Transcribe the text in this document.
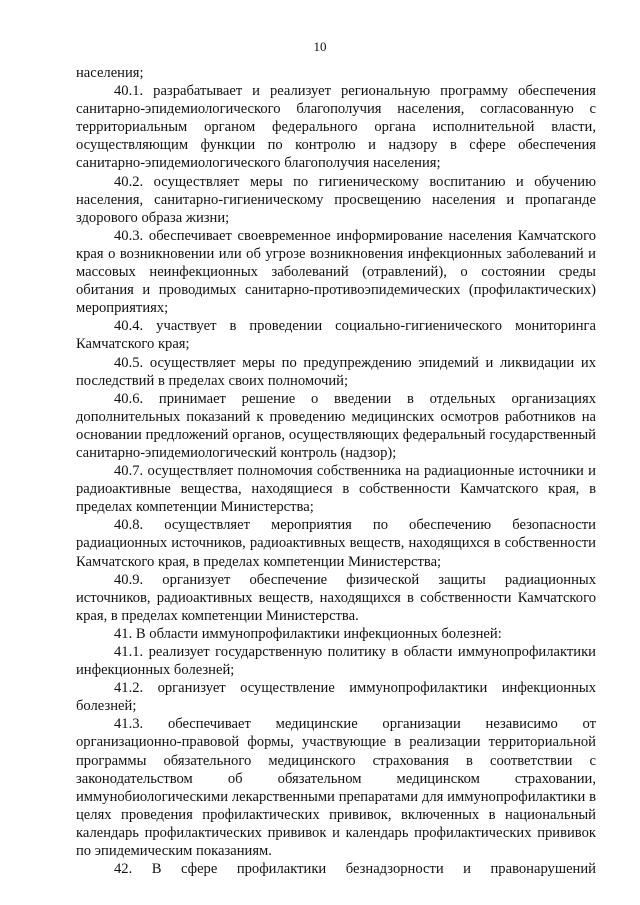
10

населения;

40.1. разрабатывает и реализует региональную программу обеспечения санитарно-эпидемиологического благополучия населения, согласованную с территориальным органом федерального органа исполнительной власти, осуществляющим функции по контролю и надзору в сфере обеспечения санитарно-эпидемиологического благополучия населения;

40.2. осуществляет меры по гигиеническому воспитанию и обучению населения, санитарно-гигиеническому просвещению населения и пропаганде здорового образа жизни;

40.3. обеспечивает своевременное информирование населения Камчатского края о возникновении или об угрозе возникновения инфекционных заболеваний и массовых неинфекционных заболеваний (отравлений), о состоянии среды обитания и проводимых санитарно-противоэпидемических (профилактических) мероприятиях;

40.4. участвует в проведении социально-гигиенического мониторинга Камчатского края;

40.5. осуществляет меры по предупреждению эпидемий и ликвидации их последствий в пределах своих полномочий;

40.6. принимает решение о введении в отдельных организациях дополнительных показаний к проведению медицинских осмотров работников на основании предложений органов, осуществляющих федеральный государственный санитарно-эпидемиологический контроль (надзор);

40.7. осуществляет полномочия собственника на радиационные источники и радиоактивные вещества, находящиеся в собственности Камчатского края, в пределах компетенции Министерства;

40.8. осуществляет мероприятия по обеспечению безопасности радиационных источников, радиоактивных веществ, находящихся в собственности Камчатского края, в пределах компетенции Министерства;

40.9. организует обеспечение физической защиты радиационных источников, радиоактивных веществ, находящихся в собственности Камчатского края, в пределах компетенции Министерства.

41. В области иммунопрофилактики инфекционных болезней:

41.1. реализует государственную политику в области иммунопрофилактики инфекционных болезней;

41.2. организует осуществление иммунопрофилактики инфекционных болезней;

41.3. обеспечивает медицинские организации независимо от организационно-правовой формы, участвующие в реализации территориальной программы обязательного медицинского страхования в соответствии с законодательством об обязательном медицинском страховании, иммунобиологическими лекарственными препаратами для иммунопрофилактики в целях проведения профилактических прививок, включенных в национальный календарь профилактических прививок и календарь профилактических прививок по эпидемическим показаниям.

42. В сфере профилактики безнадзорности и правонарушений
